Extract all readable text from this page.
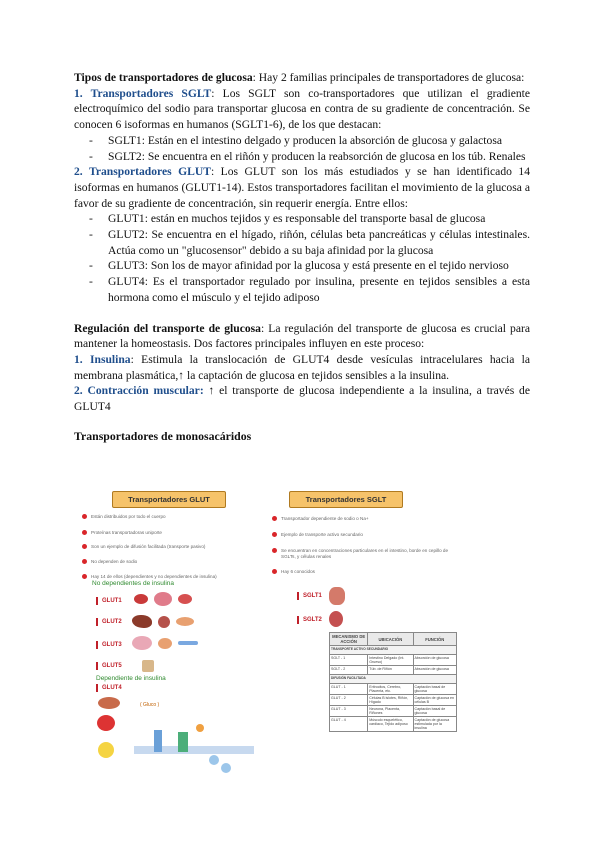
Tipos de transportadores de glucosa: Hay 2 familias principales de transportadores de glucosa:
1. Transportadores SGLT: Los SGLT son co-transportadores que utilizan el gradiente electroquímico del sodio para transportar glucosa en contra de su gradiente de concentración. Se conocen 6 isoformas en humanos (SGLT1-6), de los que destacan:
- SGLT1: Están en el intestino delgado y producen la absorción de glucosa y galactosa
- SGLT2: Se encuentra en el riñón y producen la reabsorción de glucosa en los túb. Renales
2. Transportadores GLUT: Los GLUT son los más estudiados y se han identificado 14 isoformas en humanos (GLUT1-14). Estos transportadores facilitan el movimiento de la glucosa a favor de su gradiente de concentración, sin requerir energía. Entre ellos:
- GLUT1: están en muchos tejidos y es responsable del transporte basal de glucosa
- GLUT2: Se encuentra en el hígado, riñón, células beta pancreáticas y células intestinales. Actúa como un "glucosensor" debido a su baja afinidad por la glucosa
- GLUT3: Son los de mayor afinidad por la glucosa y está presente en el tejido nervioso
- GLUT4: Es el transportador regulado por insulina, presente en tejidos sensibles a esta hormona como el músculo y el tejido adiposo
Regulación del transporte de glucosa: La regulación del transporte de glucosa es crucial para mantener la homeostasis. Dos factores principales influyen en este proceso:
1. Insulina: Estimula la translocación de GLUT4 desde vesículas intracelulares hacia la membrana plasmática,↑ la captación de glucosa en tejidos sensibles a la insulina.
2. Contracción muscular: ↑ el transporte de glucosa independiente a la insulina, a través de GLUT4
Transportadores de monosacáridos
Transportadores GLUT
Están distribuidos por todo el cuerpo
Proteínas transportadoras uniporte
Son un ejemplo de difusión facilitada (transporte pasivo)
No dependen de sodio
Hay 14 de ellos (dependientes y no dependientes de insulina)
GLUT1
GLUT2
GLUT3
GLUT5
No dependientes de insulina
Dependiente de insulina
GLUT4
( Gluco )
Transportadores SGLT
Transportador dependiente de sodio o Na+
Ejemplo de transporte activo secundario
Se encuentran en concentraciones particulares en el intestino, borde en cepillo de SGLTs, y células renales
Hay 6 conocidos
SGLT1
SGLT2
MECANISMO DE ACCIÓN	UBICACIÓN	FUNCIÓN
TRANSPORTE ACTIVO SECUNDARIO		
SGLT - 1	Intestino Delgado (Int. Grueso)	Absorción de glucosa
SGLT - 2	Túb. de Riñón	Absorción de glucosa
DIFUSIÓN FACILITADA		
GLUT - 1	Eritrocitos, Cerebro, Placenta, etc.	Captación basal de glucosa
GLUT - 2	Células B islotes, Riñón, Hígado	Captación de glucosa en células B
GLUT - 3	Neurona, Placenta, Riñones	Captación basal de glucosa
GLUT - 4	Músculo esquelético, cardiaco, Tejido adiposo	Captación de glucosa estimulada por la insulina
